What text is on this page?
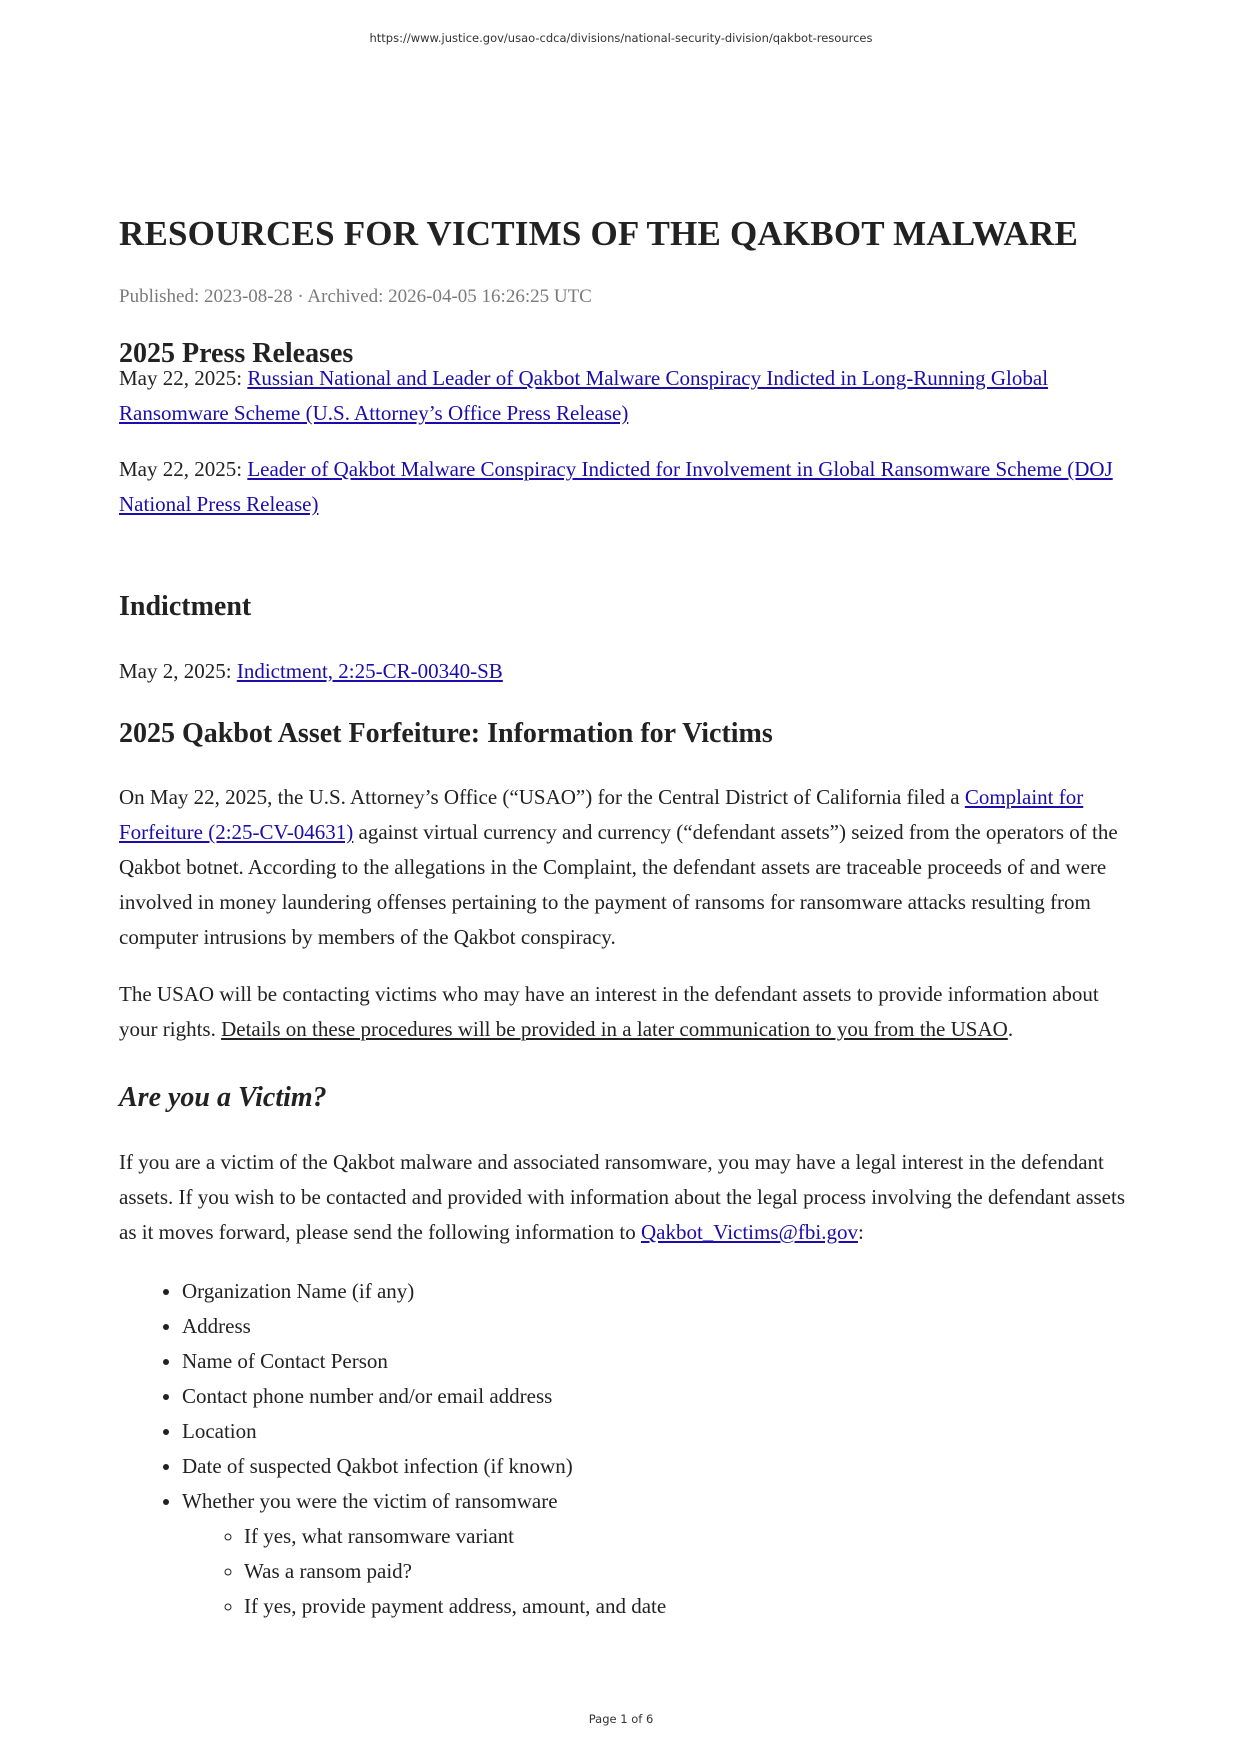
https://www.justice.gov/usao-cdca/divisions/national-security-division/qakbot-resources
RESOURCES FOR VICTIMS OF THE QAKBOT MALWARE
Published: 2023-08-28 · Archived: 2026-04-05 16:26:25 UTC
2025 Press Releases

May 22, 2025: Russian National and Leader of Qakbot Malware Conspiracy Indicted in Long-Running Global Ransomware Scheme (U.S. Attorney’s Office Press Release)

May 22, 2025: Leader of Qakbot Malware Conspiracy Indicted for Involvement in Global Ransomware Scheme (DOJ National Press Release)

Indictment

May 2, 2025: Indictment, 2:25-CR-00340-SB

2025 Qakbot Asset Forfeiture: Information for Victims

On May 22, 2025, the U.S. Attorney’s Office (“USAO”) for the Central District of California filed a Complaint for Forfeiture (2:25-CV-04631) against virtual currency and currency (“defendant assets”) seized from the operators of the Qakbot botnet. According to the allegations in the Complaint, the defendant assets are traceable proceeds of and were involved in money laundering offenses pertaining to the payment of ransoms for ransomware attacks resulting from computer intrusions by members of the Qakbot conspiracy.

The USAO will be contacting victims who may have an interest in the defendant assets to provide information about your rights. Details on these procedures will be provided in a later communication to you from the USAO.

Are you a Victim?

If you are a victim of the Qakbot malware and associated ransomware, you may have a legal interest in the defendant assets. If you wish to be contacted and provided with information about the legal process involving the defendant assets as it moves forward, please send the following information to Qakbot_Victims@fbi.gov:

• Organization Name (if any)
• Address
• Name of Contact Person
• Contact phone number and/or email address
• Location
• Date of suspected Qakbot infection (if known)
• Whether you were the victim of ransomware
◦ If yes, what ransomware variant
◦ Was a ransom paid?
◦ If yes, provide payment address, amount, and date
Page 1 of 6
